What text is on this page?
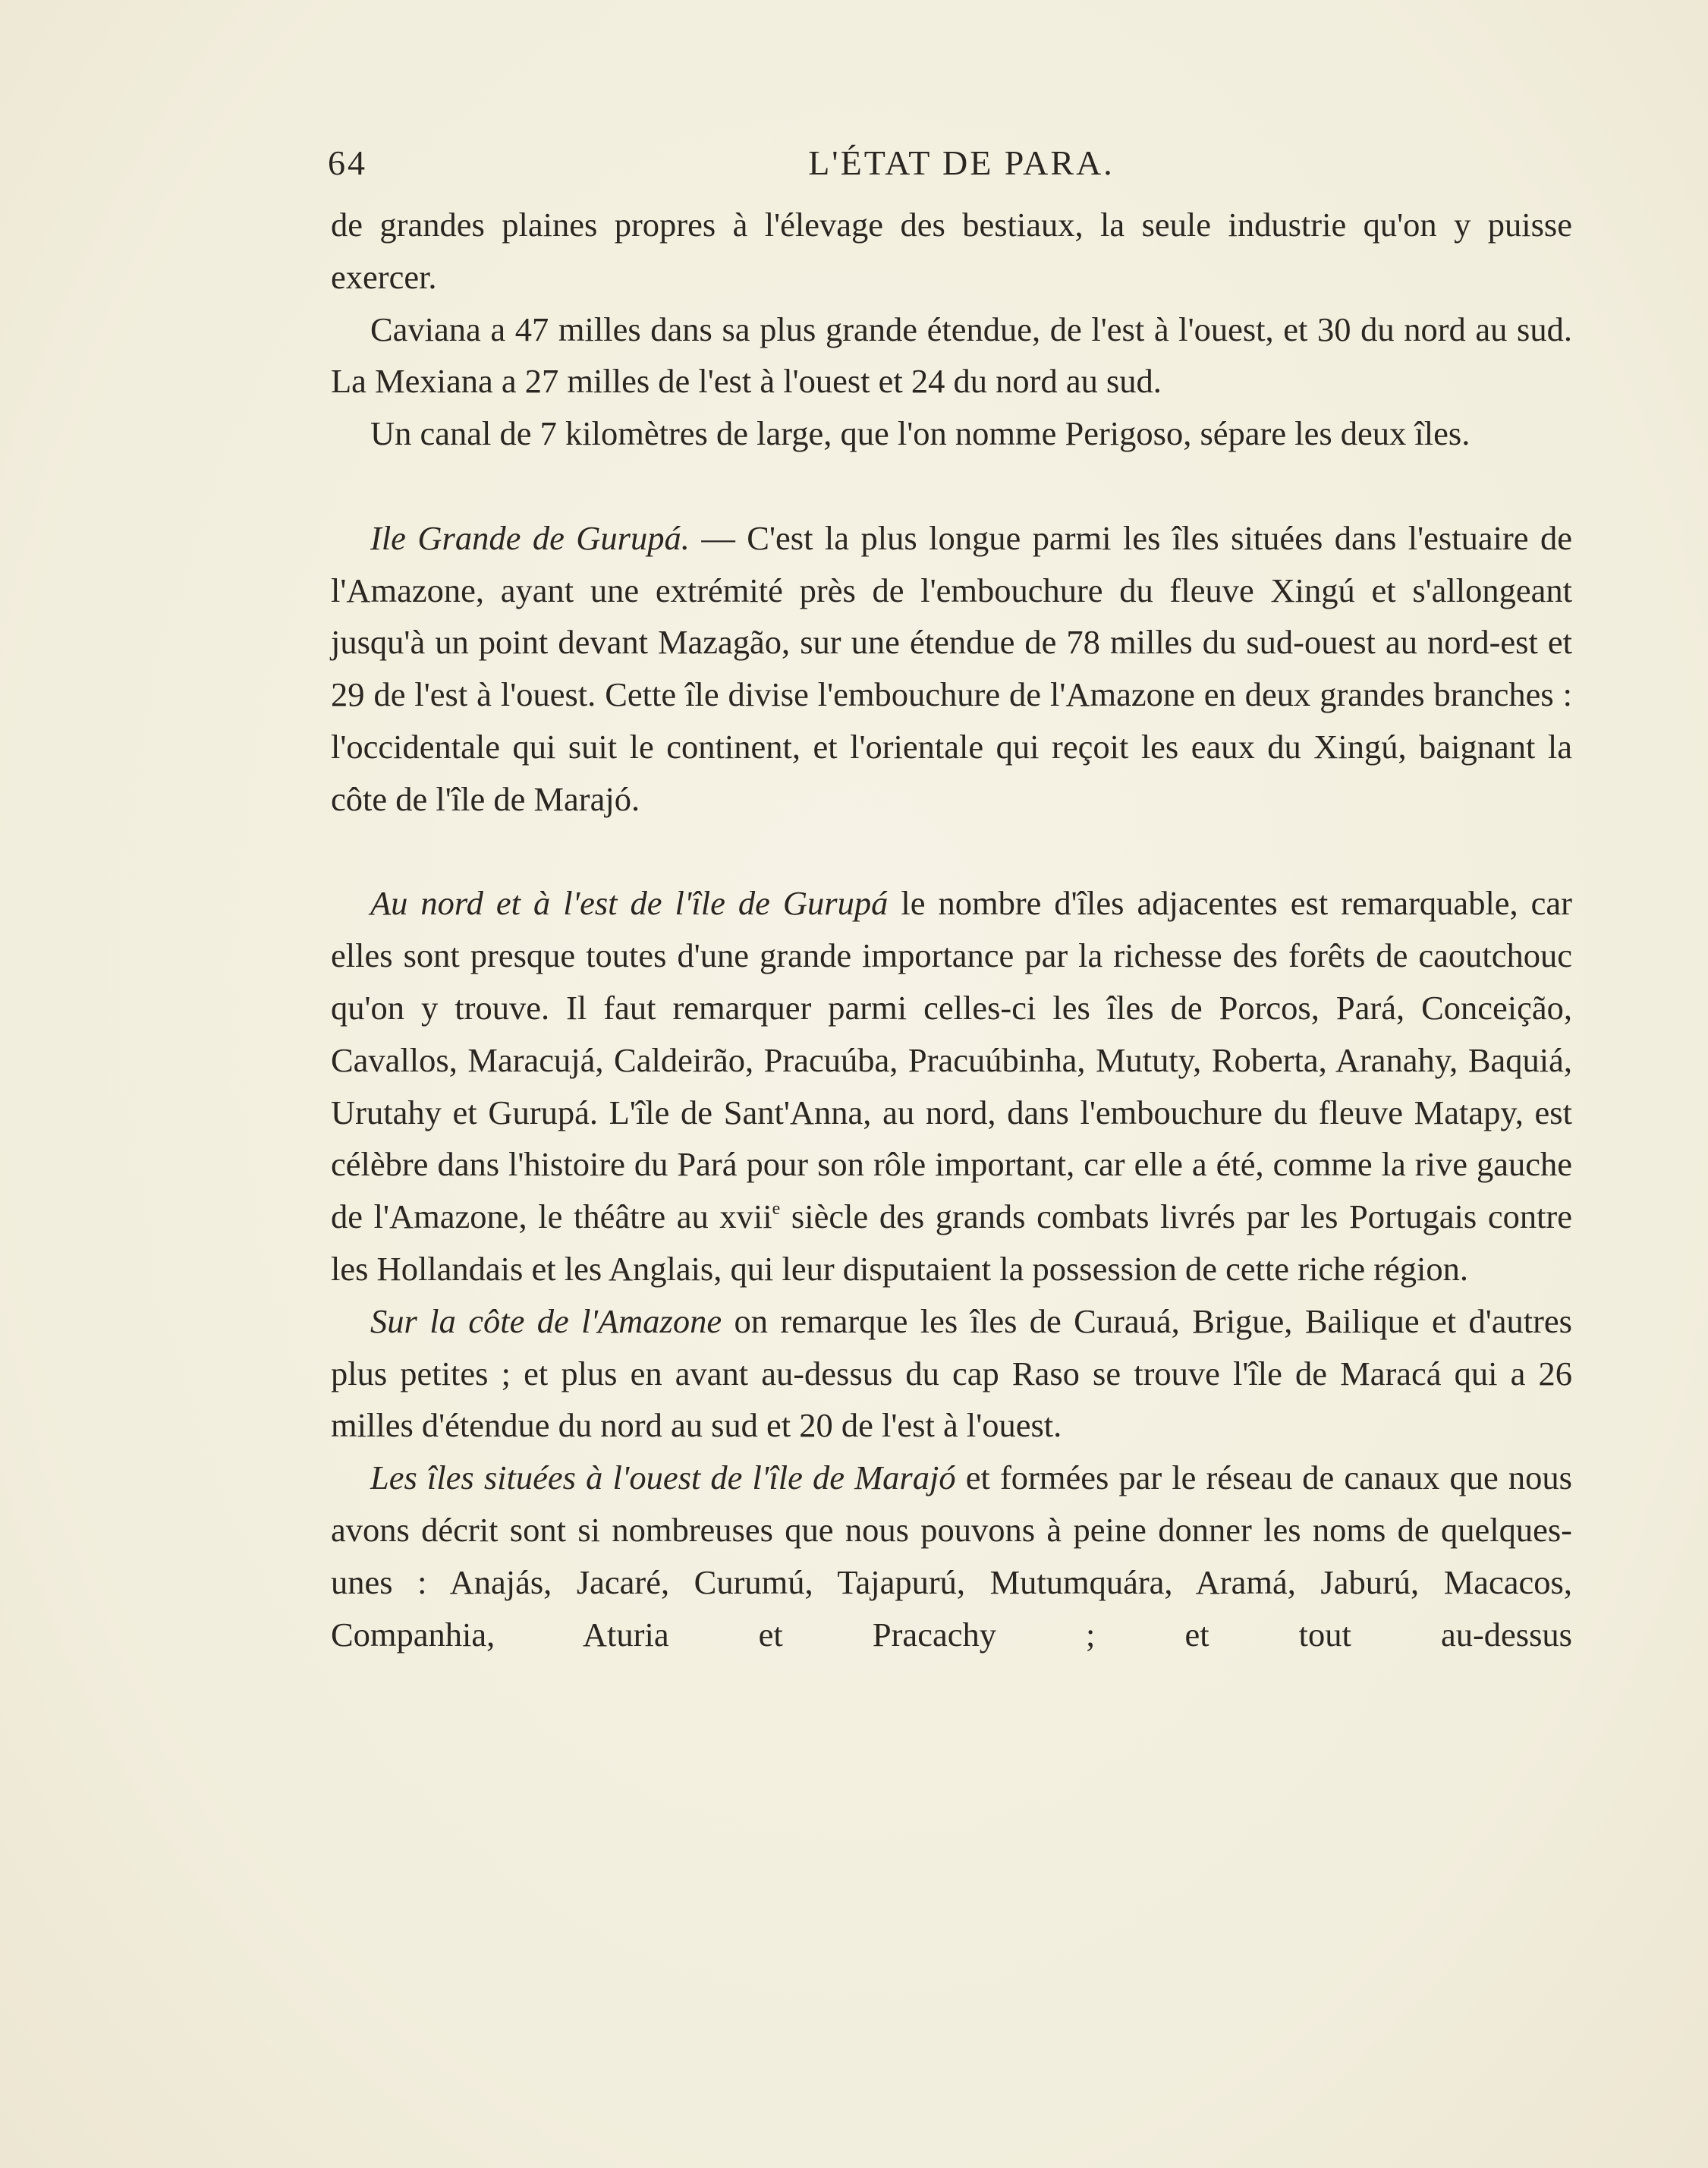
64	L'ÉTAT DE PARA.

de grandes plaines propres à l'élevage des bestiaux, la seule industrie qu'on y puisse exercer.

Caviana a 47 milles dans sa plus grande étendue, de l'est à l'ouest, et 30 du nord au sud. La Mexiana a 27 milles de l'est à l'ouest et 24 du nord au sud.

Un canal de 7 kilomètres de large, que l'on nomme Perigoso, sépare les deux îles.

Ile Grande de Gurupá. — C'est la plus longue parmi les îles situées dans l'estuaire de l'Amazone, ayant une extrémité près de l'embouchure du fleuve Xingú et s'allongeant jusqu'à un point devant Mazagão, sur une étendue de 78 milles du sud-ouest au nord-est et 29 de l'est à l'ouest. Cette île divise l'embouchure de l'Amazone en deux grandes branches : l'occidentale qui suit le continent, et l'orientale qui reçoit les eaux du Xingú, baignant la côte de l'île de Marajó.

Au nord et à l'est de l'île de Gurupá le nombre d'îles adjacentes est remarquable, car elles sont presque toutes d'une grande importance par la richesse des forêts de caoutchouc qu'on y trouve. Il faut remarquer parmi celles-ci les îles de Porcos, Pará, Conceição, Cavallos, Maracujá, Caldeirão, Pracuúba, Pracuúbinha, Mututy, Roberta, Aranahy, Baquiá, Urutahy et Gurupá. L'île de Sant'Anna, au nord, dans l'embouchure du fleuve Matapy, est célèbre dans l'histoire du Pará pour son rôle important, car elle a été, comme la rive gauche de l'Amazone, le théâtre au xvii$^e$ siècle des grands combats livrés par les Portugais contre les Hollandais et les Anglais, qui leur disputaient la possession de cette riche région.

Sur la côte de l'Amazone on remarque les îles de Curauá, Brigue, Bailique et d'autres plus petites ; et plus en avant au-dessus du cap Raso se trouve l'île de Maracá qui a 26 milles d'étendue du nord au sud et 20 de l'est à l'ouest.

Les îles situées à l'ouest de l'île de Marajó et formées par le réseau de canaux que nous avons décrit sont si nombreuses que nous pouvons à peine donner les noms de quelques-unes : Anajás, Jacaré, Curumú, Tajapurú, Mutumquára, Aramá, Jaburú, Macacos, Companhia, Aturia et Pracachy ; et tout au-dessus
